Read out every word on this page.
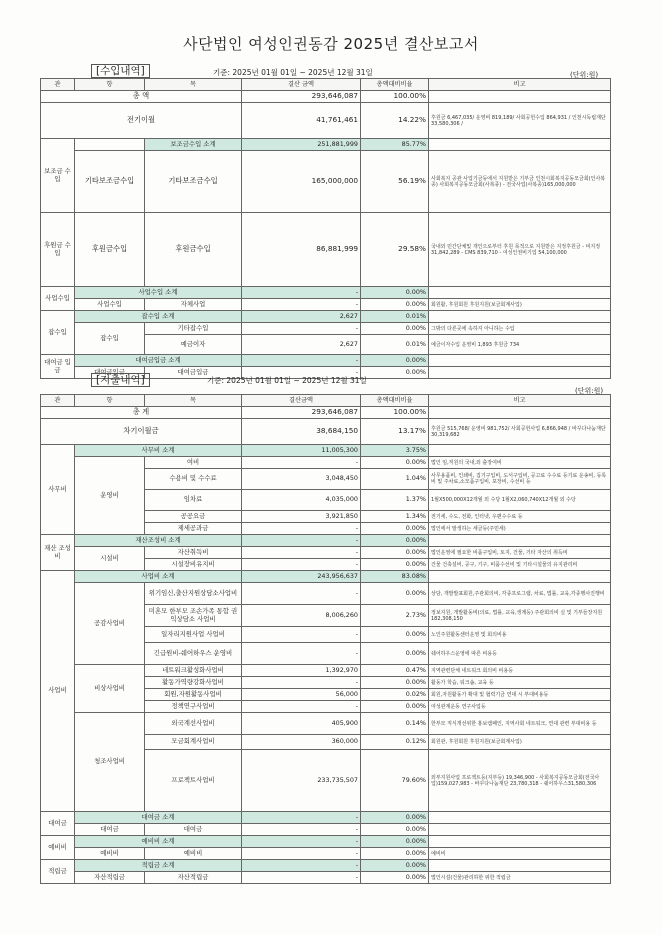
사단법인 여성인권동감 2025년 결산보고서
[수입내역]	기준: 2025년 01월 01일 ~ 2025년 12월 31일	(단위:원)
관	항	목	결산 금액	총액대비비율	비고
총 액			293,646,087	100.00%	
전기이월			41,761,461	14.22%	후원금 6,467,035/ 운영비 819,189/ 사회공헌수입 864,931 / 인천시독립재단 33,580,306 /
보조금 수입		보조금수입 소계	251,881,999	85.77%	
	기타보조금수입	기타보조금수입	165,000,000	56.19%	사회복지 공관 사업기금등에서 지원받은 기부금 인천시회복지공동모금회(인사복종) 사회복지공동모금회(사복종) - 전국사업(사복종)165,000,000
후원금 수입	후원금수입	후원금수입	86,881,999	29.58%	국내외 민간단체및 개인으로부터 후원 목적으로 지원받은 지정후원금 - 비지정 31,842,289 - CMS 839,710 - 여성인권비기업 54,100,000
사업수입	사업수입 소계		-	0.00%	
	사업수입	자체사업	-	0.00%	회원활, 후원회원 후원지원(보금회계사업)
잡수입	잡수입 소계		2,627	0.01%	
	잡수입	기타잡수입	-	0.00%	그밖의 다른곳에 속하지 아니하는 수입
		예금이자	2,627	0.01%	예금이자수입 운영비 1,893 후원금 734
대여금 입금	대여금입금 소계		-	0.00%	
	대여금입금	대여금입금	-	0.00%	
[지출내역]	기준: 2025년 01월 01일 ~ 2025년 12월 31일
(단위:원)
관	항	목	결산금액	총액대비비율	비고
총 계			293,646,087	100.00%	
차기이월금			38,684,150	13.17%	후원금 515,768/ 운영비 981,752/ 사회공헌사업 6,866,948 / 바꾸다나눔재단 30,319,682
사무비	사무비 소계		11,005,300	3.75%	
	운영비	여비	-	0.00%	법인 임,직원의 국내,외 출장여비
		수용비 및 수수료	3,048,450	1.04%	사무용품비, 인쇄비, 집기구입비, 도서구입비, 공고료 수수료 등기료 운송비, 등록비 및 주차료,소모품구입비, 포장비, 수선비 등
		임차료	4,035,000	1.37%	1월X500,000X12개월 외 수당 1월X2,060,740X12개월 외 수당
		공공요금	3,921,850	1.34%	전기세, 수도, 전화, 인터넷, 우편수수료 등
		제세공과금	-	0.00%	법인에서 발생하는 세금등(주민세)
재산 조성비	재산조성비 소계		-	0.00%	
	시설비	자산취득비	-	0.00%	법인운영에 필요한 비품구입비, 토지, 건물, 기타 자산의 취득비
		시설장비유지비	-	0.00%	건물 건축설비, 공구, 기구, 비품수선비 및 기타시설물의 유지관리비
사업비	사업비 소계		243,956,637	83.08%	
	공감사업비	위기임신,출산지원상담소사업비	-	0.00%	상담, 개발발표회원,주관회의비, 각종프로그램, 차료, 법률, 교육,각종행사진행비
		미혼모 한부모 조손가족 통합 권익상담소 사업비	8,006,260	2.73%	정보지원, 개발활동비(의료, 법률, 교육,생계등) 주관회의비 실 및 기부들장지원 182,308,150
		일자리지원사업 사업비	-	0.00%	노인주원활동센터운영 및 회의비용
		긴급원비-쉐어하우스 운영비	-	0.00%	쉐어하우스운영에 따른 비용등
	비상사업비	네트워크활성화사업비	1,392,970	0.47%	지역관련단체 네트워크 회의비 비용등
		활동가역량강화사업비	-	0.00%	활동가 학습, 워크숍, 교육 등
		회원,자원활동사업비	56,000	0.02%	회원,자원활동가 확대 및 협력기금 연대 시 부대비용등
		정책연구사업비	-	0.00%	여성관계운동 연구사업등
	청조사업비	외국계선사업비	405,900	0.14%	한부모 직식개선위한 홍보캠페인, 지역사회 네트워크, 연대 관련 부대비용 등
		모금회계사업비	360,000	0.12%	회원관, 후원회원 후원지원(보금회계사업)
		프로젝트사업비	233,735,507	79.60%	외부지원사업 프로젝트등(지부등) 19,346,900 - 사회복지공동모금회(전국사업)159,027,983 - 바꾸다나눔재단 23,780,318 - 쉐어하우스31,580,306
대여금	대여금 소계		-	0.00%	
	대여금	대여금	-	0.00%	
예비비	예비비 소계		-	0.00%	
	예비비	예비비	-	0.00%	예비비
적립금	적립금 소계		-	0.00%	
	자산적립금	자산적립금	-	0.00%	법인시설(건물)관리하한 위한 적립금
